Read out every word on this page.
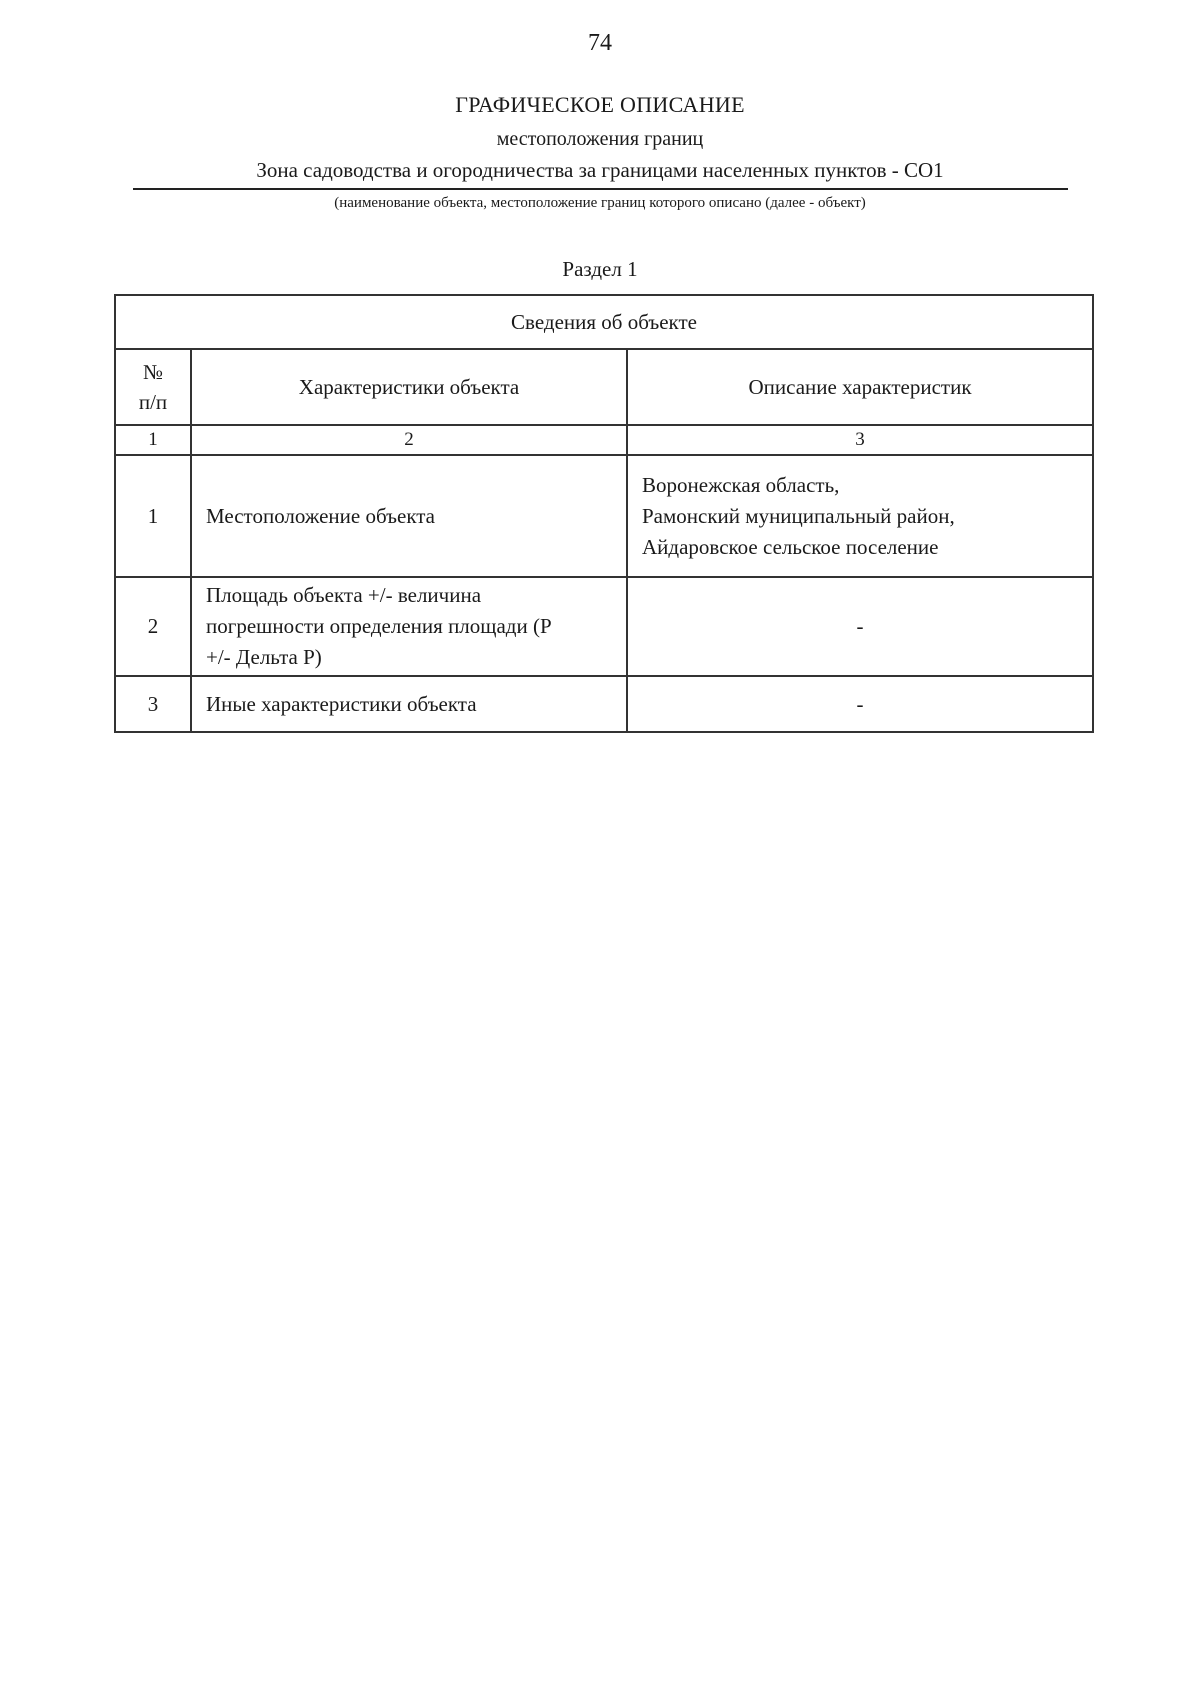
74
ГРАФИЧЕСКОЕ ОПИСАНИЕ
местоположения границ
Зона садоводства и огородничества за границами населенных пунктов - СО1
(наименование объекта, местоположение границ которого описано (далее - объект)
Раздел 1
Сведения об объекте		
№
п/п	Характеристики объекта	Описание характеристик
1	2	3
1	Местоположение объекта	Воронежская область,
Рамонский муниципальный район,
Айдаровское сельское поселение
2	Площадь объекта +/- величина
погрешности определения площади (Р
+/- Дельта Р)	-
3	Иные характеристики объекта	-
